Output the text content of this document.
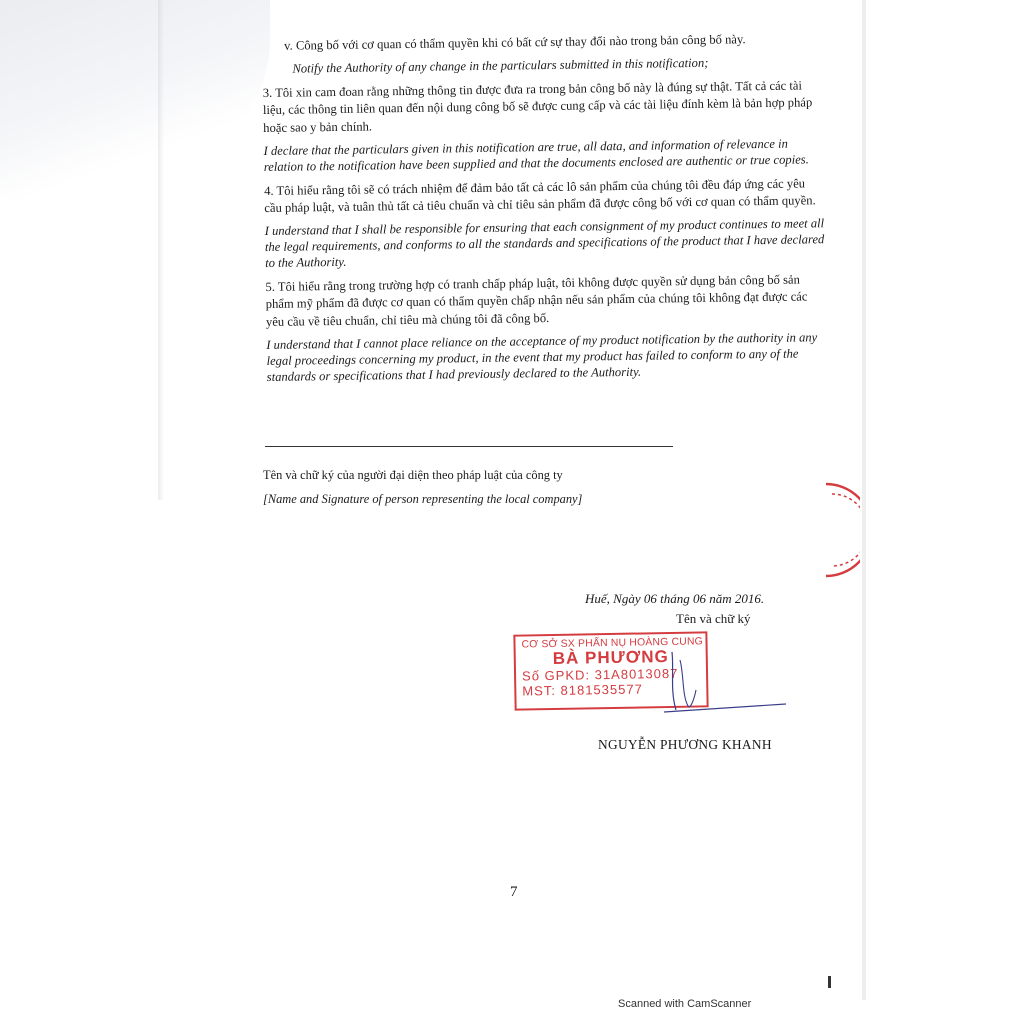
v. Công bố với cơ quan có thẩm quyền khi có bất cứ sự thay đổi nào trong bản công bố này.

Notify the Authority of any change in the particulars submitted in this notification;

3. Tôi xin cam đoan rằng những thông tin được đưa ra trong bản công bố này là đúng sự thật. Tất cả các tài liệu, các thông tin liên quan đến nội dung công bố sẽ được cung cấp và các tài liệu đính kèm là bản hợp pháp hoặc sao y bản chính.

I declare that the particulars given in this notification are true, all data, and information of relevance in relation to the notification have been supplied and that the documents enclosed are authentic or true copies.

4. Tôi hiểu rằng tôi sẽ có trách nhiệm để đảm bảo tất cả các lô sản phẩm của chúng tôi đều đáp ứng các yêu cầu pháp luật, và tuân thủ tất cả tiêu chuẩn và chỉ tiêu sản phẩm đã được công bố với cơ quan có thẩm quyền.

I understand that I shall be responsible for ensuring that each consignment of my product continues to meet all the legal requirements, and conforms to all the standards and specifications of the product that I have declared to the Authority.

5. Tôi hiểu rằng trong trường hợp có tranh chấp pháp luật, tôi không được quyền sử dụng bản công bố sản phẩm mỹ phẩm đã được cơ quan có thẩm quyền chấp nhận nếu sản phẩm của chúng tôi không đạt được các yêu cầu về tiêu chuẩn, chỉ tiêu mà chúng tôi đã công bố.

I understand that I cannot place reliance on the acceptance of my product notification by the authority in any legal proceedings concerning my product, in the event that my product has failed to conform to any of the standards or specifications that I had previously declared to the Authority.

Tên và chữ ký của người đại diện theo pháp luật của công ty
[Name and Signature of person representing the local company]
Huế, Ngày 06 tháng 06 năm 2016.
Tên và chữ ký
CƠ SỞ SX PHẤN NỤ HOÀNG CUNG
BÀ PHƯƠNG
Số GPKD: 31A8013087
MST: 8181535577
NGUYỄN PHƯƠNG KHANH
7
Scanned with CamScanner
